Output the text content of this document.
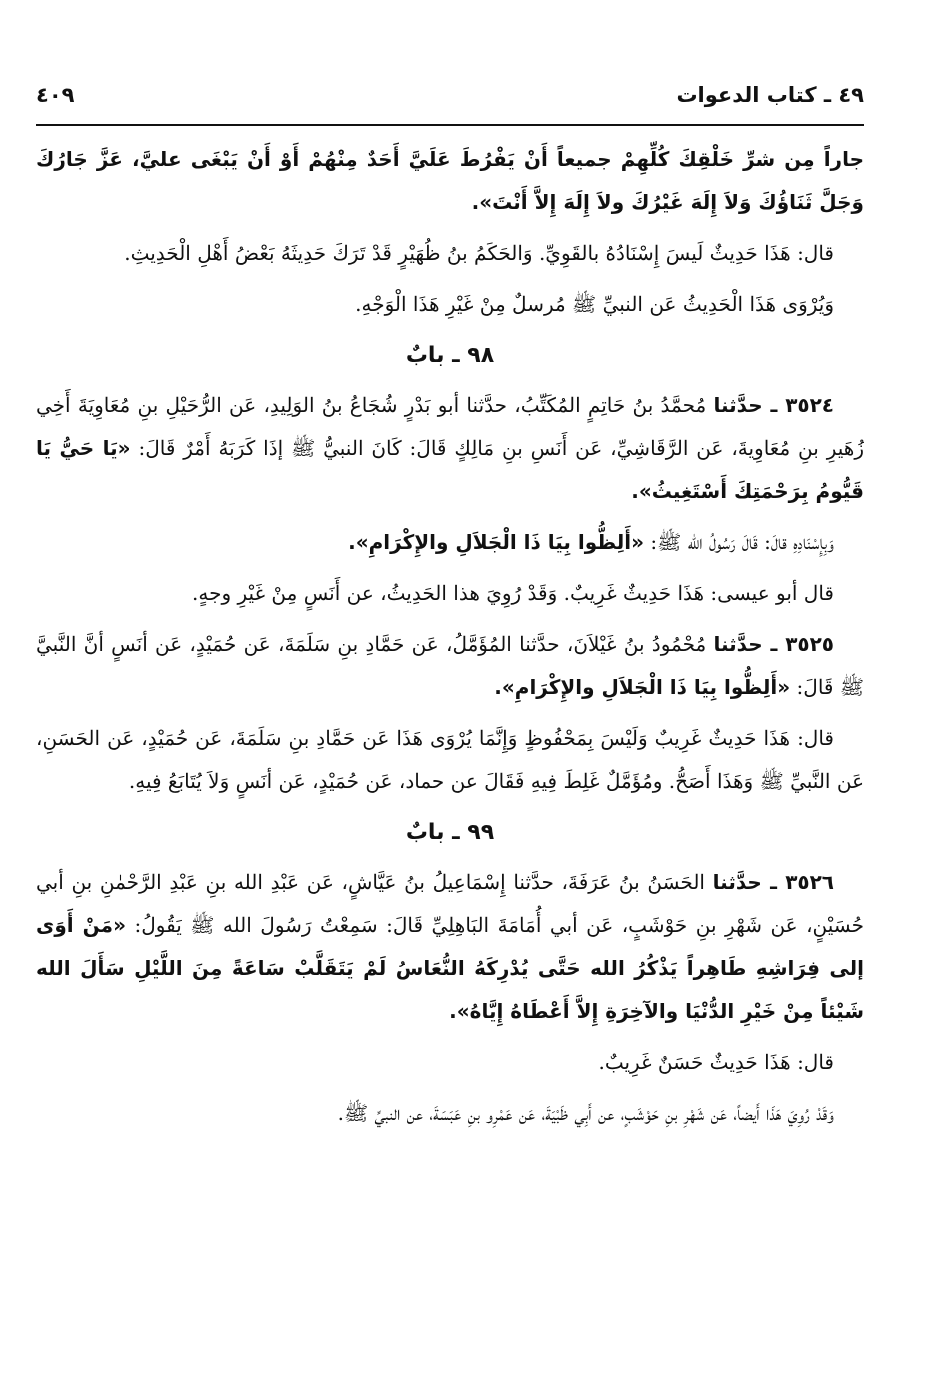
٤٩ ـ كتاب الدعوات
٤٠٩

جاراً مِن شرِّ خَلْقِكَ كُلِّهِمْ جميعاً أَنْ يَفْرُطَ عَلَيَّ أَحَدٌ مِنْهُمْ أَوْ أَنْ يَبْغَى عليَّ، عَزَّ جَارُكَ وَجَلَّ ثَنَاؤُكَ وَلاَ إِلَهَ غَيْرُكَ ولاَ إِلَهَ إِلاَّ أَنْتَ».

قال: هَذَا حَدِيثٌ لَيسَ إِسْنَادُهُ بالقَوِيِّ. وَالحَكَمُ بنُ ظُهَيْرٍ قَدْ تَرَكَ حَدِيثَهُ بَعْضُ أَهْلِ الْحَدِيثِ.

وَيُرْوَى هَذَا الْحَدِيثُ عَن النبيِّ ﷺ مُرسلٌ مِنْ غَيْرِ هَذَا الْوَجْهِ.

٩٨ ـ بابٌ

٣٥٢٤ ـ حدَّثنا مُحمَّدُ بنُ حَاتِمٍ المُكَتِّبُ، حدَّثنا أبو بَدْرٍ شُجَاعُ بنُ الوَلِيدِ، عَن الرُّحَيْلِ بنِ مُعَاوِيَةَ أَخِي زُهَيرِ بنِ مُعَاوِيةَ، عَن الرَّقَاشِيِّ، عَن أَنَسِ بنِ مَالِكٍ قَالَ: كَانَ النبيُّ ﷺ إذَا كَرَبَهُ أَمْرٌ قَالَ: «يَا حَيُّ يَا قَيُّومُ بِرَحْمَتِكَ أَسْتَغِيثُ».

وَبِإِسْنَادِهِ قالَ: قَالَ رَسُولُ الله ﷺ: «أَلِظُّوا بِيَا ذَا الْجَلاَلِ والإِكْرَامِ».

قال أبو عيسى: هَذَا حَدِيثٌ غَرِيبٌ. وَقَدْ رُوِيَ هذا الحَدِيثُ، عن أَنَسٍ مِنْ غَيْرِ وجهٍ.

٣٥٢٥ ـ حدَّثنا مُحْمُودُ بنُ غَيْلاَنَ، حدَّثنا المُؤَمَّلُ، عَن حَمَّادِ بنِ سَلَمَةَ، عَن حُمَيْدٍ، عَن أنَسٍ أنَّ النَّبيَّ ﷺ قَالَ: «أَلِظُّوا بِيَا ذَا الْجَلاَلِ والإِكْرَامِ».

قال: هَذَا حَدِيثٌ غَرِيبٌ وَلَيْسَ بِمَحْفُوظٍ وَإِنَّمَا يُرْوَى هَذَا عَن حَمَّادِ بنِ سَلَمَةَ، عَن حُمَيْدٍ، عَن الحَسَنِ، عَن النَّبيِّ ﷺ وَهَذَا أَصَحُّ. ومُؤَمَّلٌ غَلِطَ فِيهِ فَقَالَ عن حماد، عَن حُمَيْدٍ، عَن أنَسٍ وَلاَ يُتَابَعُ فِيهِ.

٩٩ ـ بابٌ

٣٥٢٦ ـ حدَّثنا الحَسَنُ بنُ عَرَفَةَ، حدَّثنا إِسْمَاعِيلُ بنُ عَيَّاشٍ، عَن عَبْدِ الله بنِ عَبْدِ الرَّحْمٰنِ بنِ أبي حُسَيْنٍ، عَن شَهْرِ بنِ حَوْشَبٍ، عَن أبي أُمَامَةَ البَاهِلِيِّ قَالَ: سَمِعْتُ رَسُولَ الله ﷺ يَقُولُ: «مَنْ أَوَى إلى فِرَاشِهِ طَاهِراً يَذْكُرُ الله حَتَّى يُدْرِكَهُ النُّعَاسُ لَمْ يَتَقَلَّبْ سَاعَةً مِنَ اللَّيْلِ سَأَلَ الله شَيْئاً مِنْ خَيْرِ الدُّنْيَا والآخِرَةِ إِلاَّ أَعْطَاهُ إِيَّاهُ».

قال: هَذَا حَدِيثٌ حَسَنٌ غَرِيبٌ.

وَقَدْ رُوِيَ هَذَا أَيضاً، عَن شَهْرِ بنِ حَوْشَبٍ، عن أَبِي ظَبْيَةَ، عَن عَمْرِو بنِ عَبَسَةَ، عن النبيِّ ﷺ.
